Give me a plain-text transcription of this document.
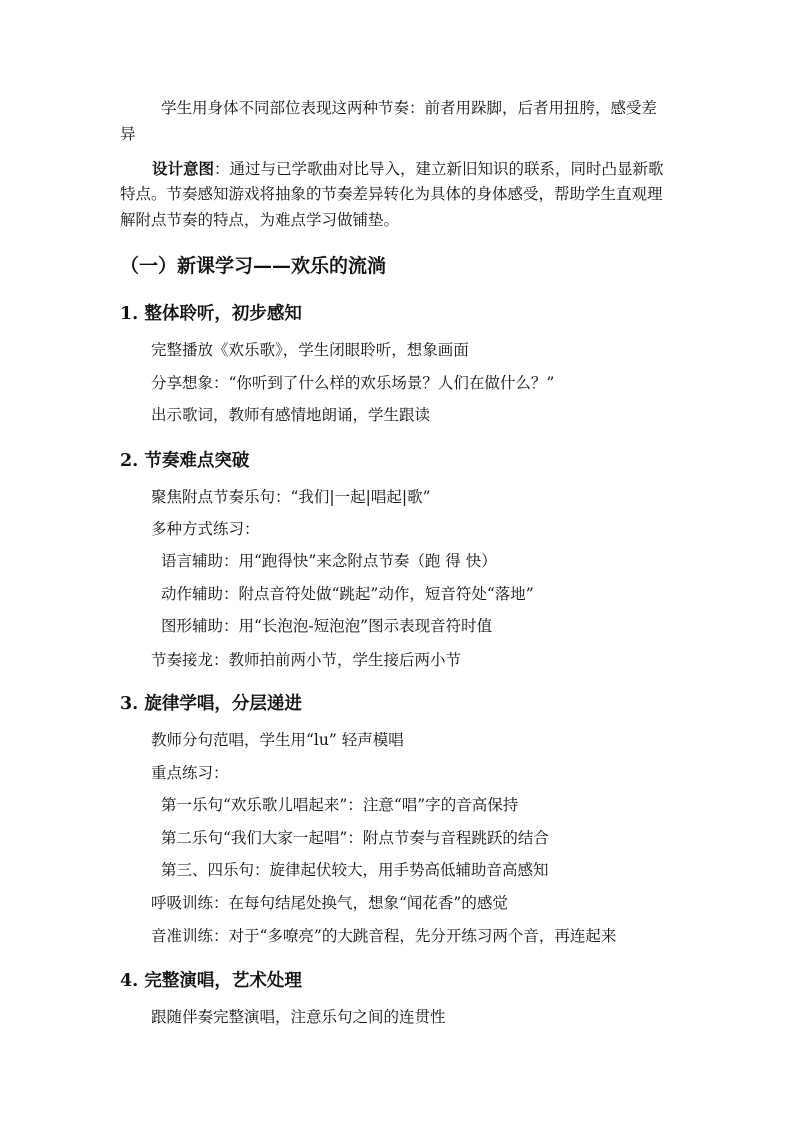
学生用身体不同部位表现这两种节奏：前者用跺脚，后者用扭胯，感受差
异
设计意图：通过与已学歌曲对比导入，建立新旧知识的联系，同时凸显新歌
特点。节奏感知游戏将抽象的节奏差异转化为具体的身体感受，帮助学生直观理
解附点节奏的特点，为难点学习做铺垫。
（一）新课学习——欢乐的流淌
1. 整体聆听，初步感知
完整播放《欢乐歌》，学生闭眼聆听，想象画面
分享想象：“你听到了什么样的欢乐场景？人们在做什么？”
出示歌词，教师有感情地朗诵，学生跟读
2. 节奏难点突破
聚焦附点节奏乐句：“我们|一起|唱起|歌”
多种方式练习：
语言辅助：用“跑得快”来念附点节奏（跑 得 快）
动作辅助：附点音符处做“跳起”动作，短音符处“落地”
图形辅助：用“长泡泡-短泡泡”图示表现音符时值
节奏接龙：教师拍前两小节，学生接后两小节
3. 旋律学唱，分层递进
教师分句范唱，学生用“lu” 轻声模唱
重点练习：
第一乐句“欢乐歌儿唱起来”：注意“唱”字的音高保持
第二乐句“我们大家一起唱”：附点节奏与音程跳跃的结合
第三、四乐句：旋律起伏较大，用手势高低辅助音高感知
呼吸训练：在每句结尾处换气，想象“闻花香”的感觉
音准训练：对于“多嘹亮”的大跳音程，先分开练习两个音，再连起来
4. 完整演唱，艺术处理
跟随伴奏完整演唱，注意乐句之间的连贯性
